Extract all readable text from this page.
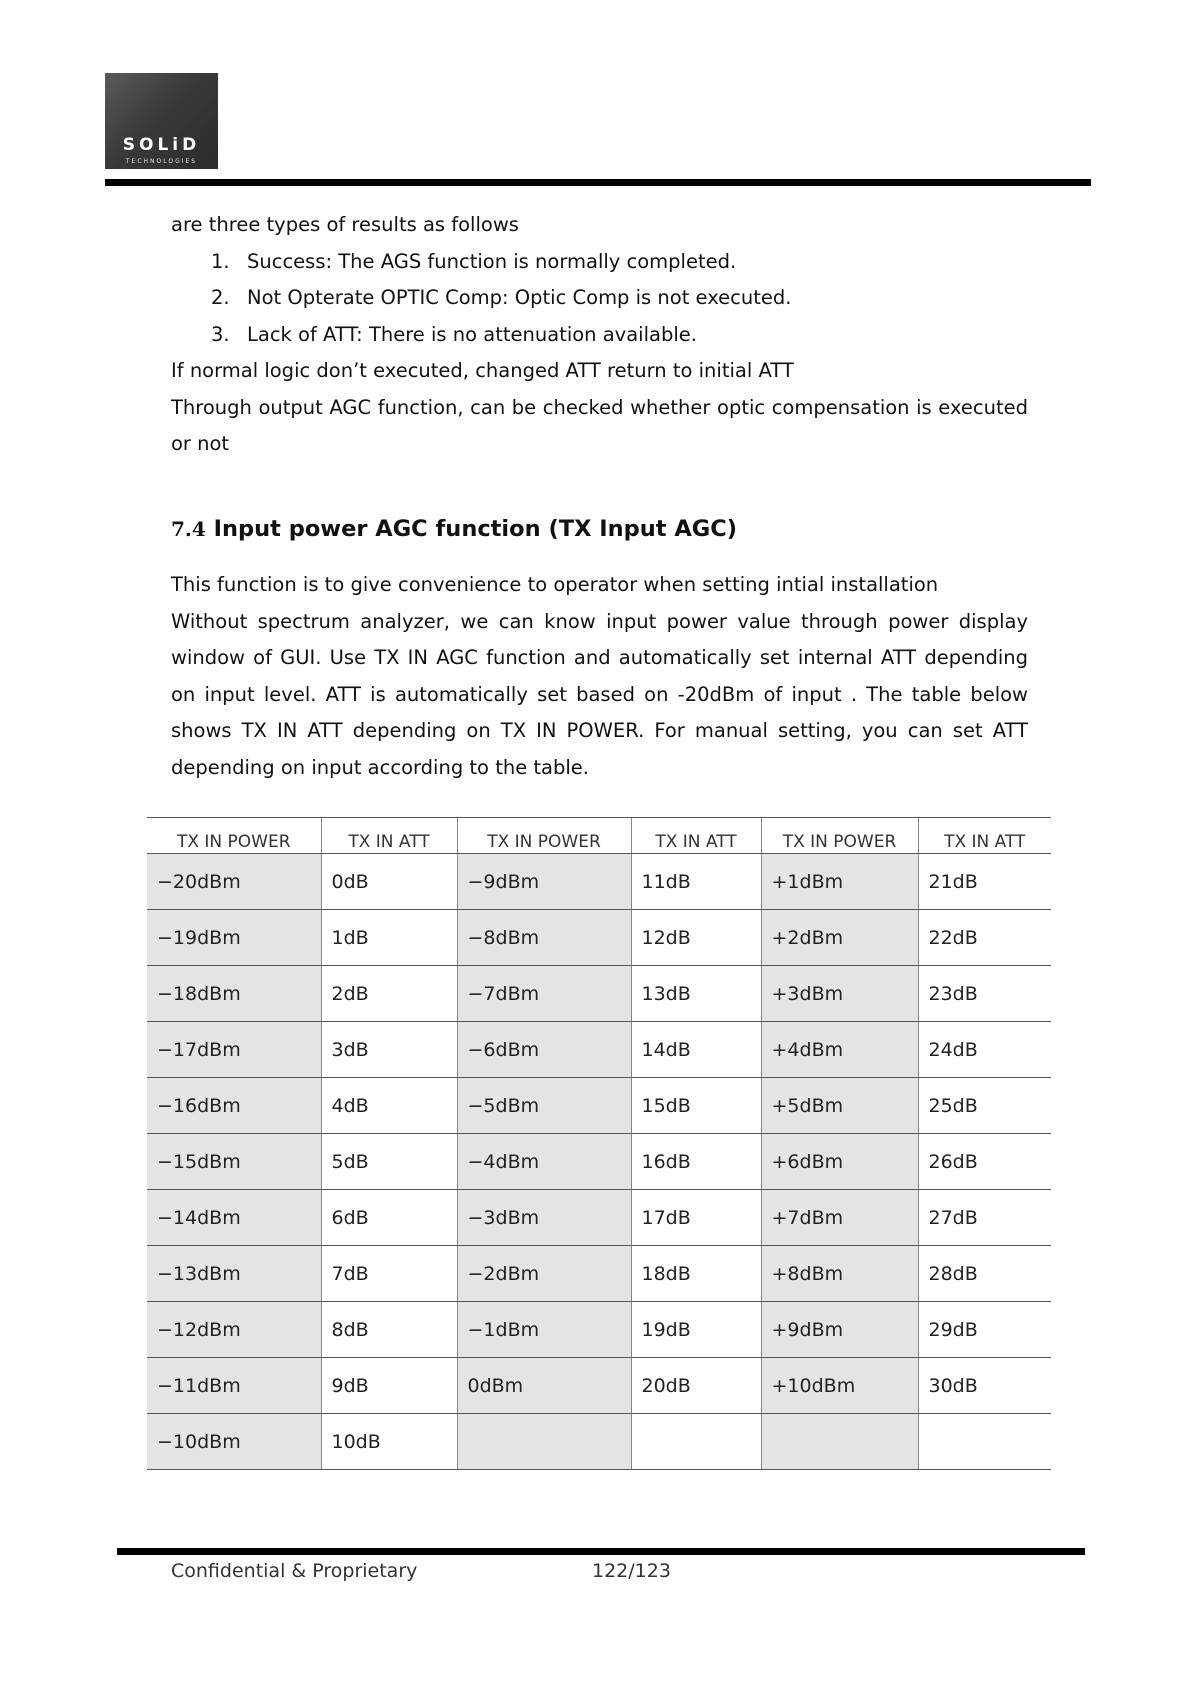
SOLiD
TECHNOLOGIES

are three types of results as follows

1. Success: The AGS function is normally completed.
2. Not Opterate OPTIC Comp: Optic Comp is not executed.
3. Lack of ATT: There is no attenuation available.

If normal logic don’t executed, changed ATT return to initial ATT

Through output AGC function, can be checked whether optic compensation is executed or not

7.4 Input power AGC function (TX Input AGC)

This function is to give convenience to operator when setting intial installation

Without spectrum analyzer, we can know input power value through power display window of GUI. Use TX IN AGC function and automatically set internal ATT depending on input level. ATT is automatically set based on -20dBm of input . The table below shows TX IN ATT depending on TX IN POWER. For manual setting, you can set ATT depending on input according to the table.

TX IN POWER	TX IN ATT	TX IN POWER	TX IN ATT	TX IN POWER	TX IN ATT
−20dBm	0dB	−9dBm	11dB	+1dBm	21dB
−19dBm	1dB	−8dBm	12dB	+2dBm	22dB
−18dBm	2dB	−7dBm	13dB	+3dBm	23dB
−17dBm	3dB	−6dBm	14dB	+4dBm	24dB
−16dBm	4dB	−5dBm	15dB	+5dBm	25dB
−15dBm	5dB	−4dBm	16dB	+6dBm	26dB
−14dBm	6dB	−3dBm	17dB	+7dBm	27dB
−13dBm	7dB	−2dBm	18dB	+8dBm	28dB
−12dBm	8dB	−1dBm	19dB	+9dBm	29dB
−11dBm	9dB	0dBm	20dB	+10dBm	30dB
−10dBm	10dB				
Confidential & Proprietary	122/123
